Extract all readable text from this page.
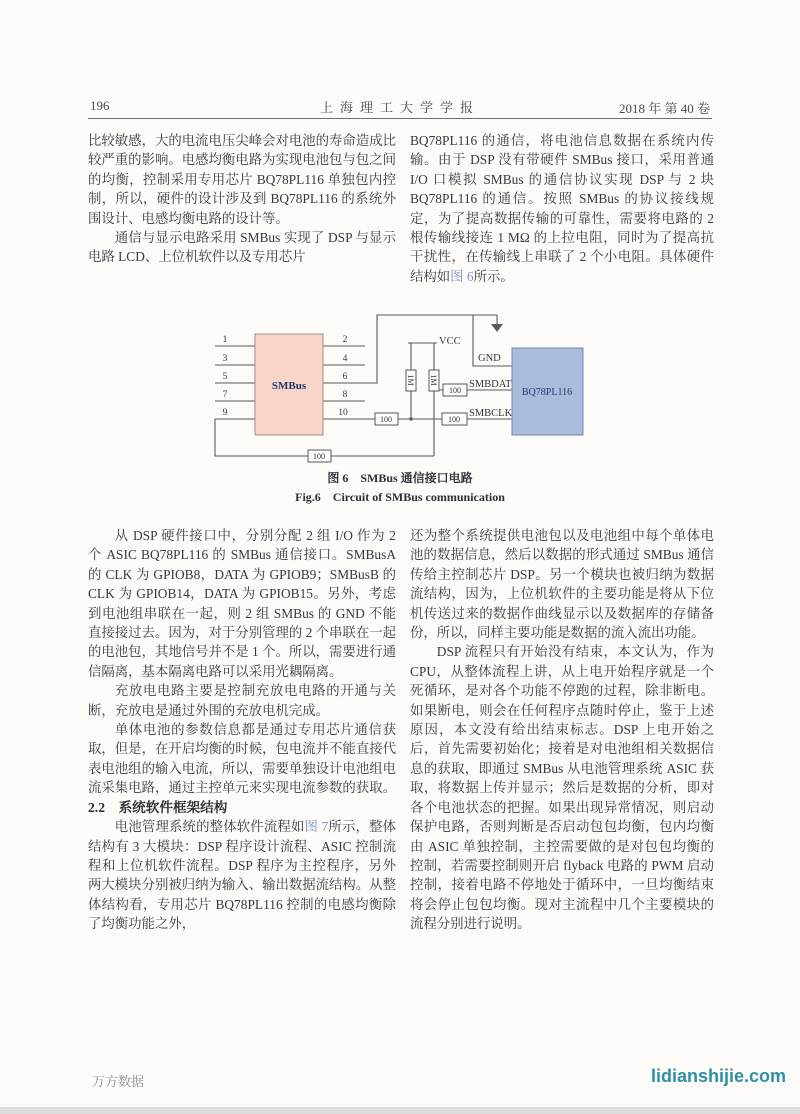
196	上海理工大学学报	2018 年 第 40 卷

比较敏感，大的电流电压尖峰会对电池的寿命造成比较严重的影响。电感均衡电路为实现电池包与包之间的均衡，控制采用专用芯片 BQ78PL116 单独包内控制，所以，硬件的设计涉及到 BQ78PL116 的系统外围设计、电感均衡电路的设计等。

通信与显示电路采用 SMBus 实现了 DSP 与显示电路 LCD、上位机软件以及专用芯片

BQ78PL116 的通信，将电池信息数据在系统内传输。由于 DSP 没有带硬件 SMBus 接口，采用普通 I/O 口模拟 SMBus 的通信协议实现 DSP 与 2 块 BQ78PL116 的通信。按照 SMBus 的协议接线规定，为了提高数据传输的可靠性，需要将电路的 2 根传输线接连 1 MΩ 的上拉电阻，同时为了提高抗干扰性，在传输线上串联了 2 个小电阻。具体硬件结构如图 6所示。

SMBus
BQ78PL116
VCC
GND
SMBDAT
SMBCLK
1M 1M
100
100	100
100
1
3
5
7
9
2
4
6
8
10
图 6　SMBus 通信接口电路
Fig.6　Circuit of SMBus communication

从 DSP 硬件接口中，分别分配 2 组 I/O 作为 2 个 ASIC BQ78PL116 的 SMBus 通信接口。SMBusA 的 CLK 为 GPIOB8，DATA 为 GPIOB9；SMBusB 的 CLK 为 GPIOB14，DATA 为 GPIOB15。另外，考虑到电池组串联在一起，则 2 组 SMBus 的 GND 不能直接接过去。因为，对于分别管理的 2 个串联在一起的电池包，其地信号并不是 1 个。所以，需要进行通信隔离，基本隔离电路可以采用光耦隔离。

充放电电路主要是控制充放电电路的开通与关断，充放电是通过外围的充放电机完成。

单体电池的参数信息都是通过专用芯片通信获取，但是，在开启均衡的时候，包电流并不能直接代表电池组的输入电流，所以，需要单独设计电池组电流采集电路，通过主控单元来实现电流参数的获取。

2.2　系统软件框架结构

电池管理系统的整体软件流程如图 7所示，整体结构有 3 大模块：DSP 程序设计流程、ASIC 控制流程和上位机软件流程。DSP 程序为主控程序，另外两大模块分别被归纳为输入、输出数据流结构。从整体结构看，专用芯片 BQ78PL116 控制的电感均衡除了均衡功能之外，

还为整个系统提供电池包以及电池组中每个单体电池的数据信息，然后以数据的形式通过 SMBus 通信传给主控制芯片 DSP。另一个模块也被归纳为数据流结构，因为，上位机软件的主要功能是将从下位机传送过来的数据作曲线显示以及数据库的存储备份，所以，同样主要功能是数据的流入流出功能。

DSP 流程只有开始没有结束，本文认为，作为 CPU，从整体流程上讲，从上电开始程序就是一个死循环，是对各个功能不停跑的过程，除非断电。如果断电，则会在任何程序点随时停止，鉴于上述原因，本文没有给出结束标志。DSP 上电开始之后，首先需要初始化；接着是对电池组相关数据信息的获取，即通过 SMBus 从电池管理系统 ASIC 获取，将数据上传并显示；然后是数据的分析，即对各个电池状态的把握。如果出现异常情况，则启动保护电路，否则判断是否启动包包均衡，包内均衡由 ASIC 单独控制，主控需要做的是对包包均衡的控制，若需要控制则开启 flyback 电路的 PWM 启动控制，接着电路不停地处于循环中，一旦均衡结束将会停止包包均衡。现对主流程中几个主要模块的流程分别进行说明。

万方数据	lidianshijie.com
